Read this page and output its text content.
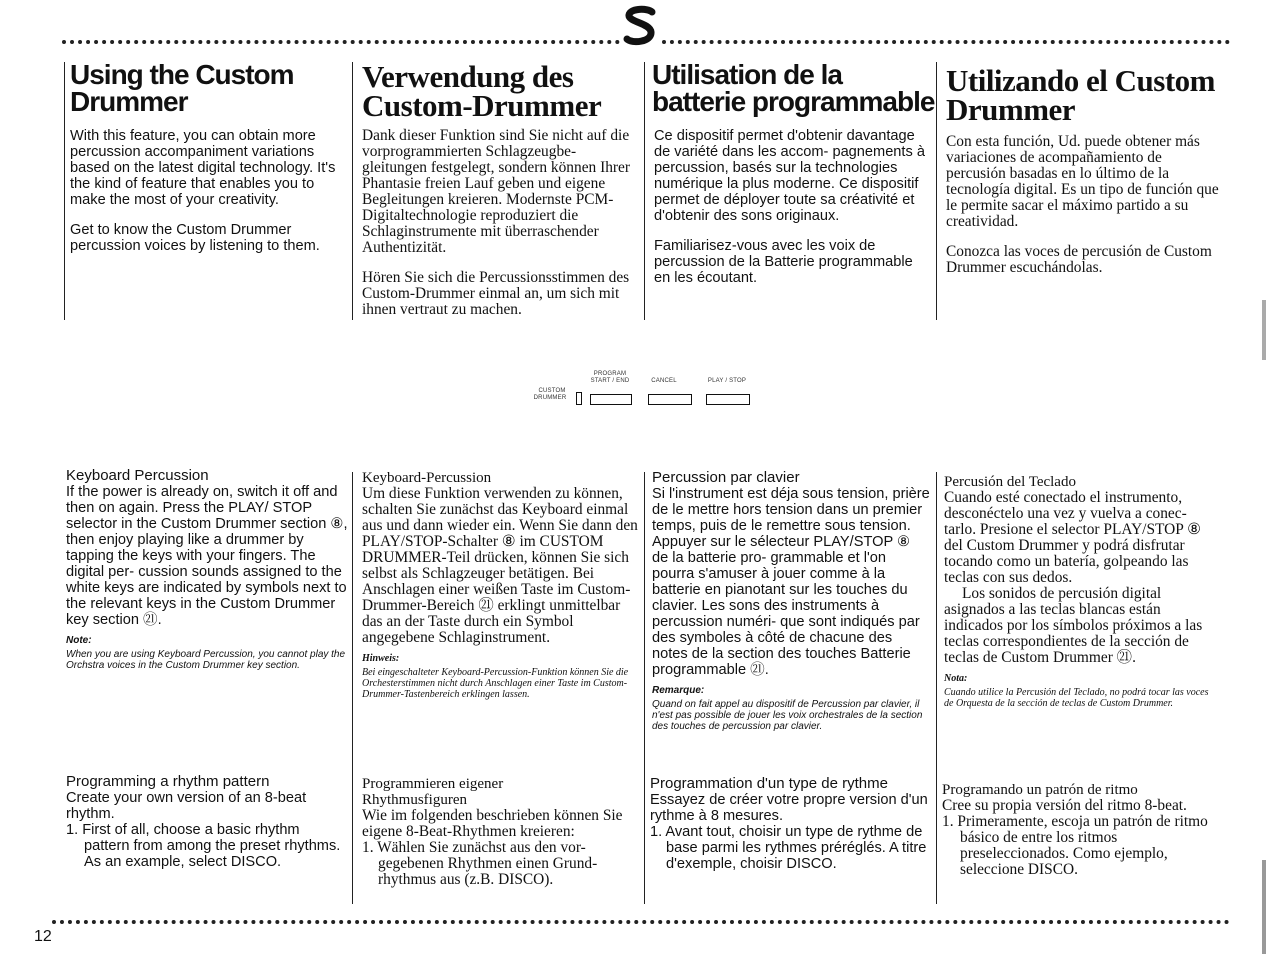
Using the Custom Drummer

With this feature, you can obtain more percussion accompaniment variations based on the latest digital technology. It's the kind of feature that enables you to make the most of your creativity.

Get to know the Custom Drummer percussion voices by listening to them.

Verwendung des Custom-Drummer

Dank dieser Funktion sind Sie nicht auf die vorprogrammierten Schlagzeugbe- gleitungen festgelegt, sondern können Ihrer Phantasie freien Lauf geben und eigene Begleitungen kreieren. Modernste PCM-Digitaltechnologie reproduziert die Schlaginstrumente mit überraschender Authentizität.

Hören Sie sich die Percussionsstimmen des Custom-Drummer einmal an, um sich mit ihnen vertraut zu machen.

Utilisation de la batterie programmable

Ce dispositif permet d'obtenir davantage de variété dans les accom- pagnements à percussion, basés sur la technologies numérique la plus moderne. Ce dispositif permet de déployer toute sa créativité et d'obtenir des sons originaux.

Familiarisez-vous avec les voix de percussion de la Batterie programmable en les écoutant.

Utilizando el Custom Drummer

Con esta función, Ud. puede obtener más variaciones de acompañamiento de percusión basadas en lo último de la tecnología digital. Es un tipo de función que le permite sacar el máximo partido a su creatividad.

Conozca las voces de percusión de Custom Drummer escuchándolas.

CUSTOM
DRUMMER
PROGRAM
START / END	CANCEL	PLAY / STOP
Keyboard Percussion
If the power is already on, switch it off and then on again. Press the PLAY/ STOP selector in the Custom Drummer section ⑧, then enjoy playing like a drummer by tapping the keys with your fingers. The digital per- cussion sounds assigned to the white keys are indicated by symbols next to the relevant keys in the Custom Drummer key section ㉑.
Note:
When you are using Keyboard Percussion, you cannot play the Orchstra voices in the Custom Drummer key section.
Programming a rhythm pattern
Create your own version of an 8-beat rhythm.
1. First of all, choose a basic rhythm pattern from among the preset rhythms. As an example, select DISCO.
Keyboard-Percussion
Um diese Funktion verwenden zu können, schalten Sie zunächst das Keyboard einmal aus und dann wieder ein. Wenn Sie dann den PLAY/STOP-Schalter ⑧ im CUSTOM DRUMMER-Teil drücken, können Sie sich selbst als Schlagzeuger betätigen. Bei Anschlagen einer weißen Taste im Custom-Drummer-Bereich ㉑ erklingt unmittelbar das an der Taste durch ein Symbol angegebene Schlaginstrument.
Hinweis:
Bei eingeschalteter Keyboard-Percussion-Funktion können Sie die Orchesterstimmen nicht durch Anschlagen einer Taste im Custom-Drummer-Tastenbereich erklingen lassen.
Programmieren eigener Rhythmusfiguren
Wie im folgenden beschrieben können Sie eigene 8-Beat-Rhythmen kreieren:
1. Wählen Sie zunächst aus den vor- gegebenen Rhythmen einen Grund- rhythmus aus (z.B. DISCO).
Percussion par clavier
Si l'instrument est déja sous tension, prière de le mettre hors tension dans un premier temps, puis de le remettre sous tension. Appuyer sur le sélecteur PLAY/STOP ⑧ de la batterie pro- grammable et l'on pourra s'amuser à jouer comme à la batterie en pianotant sur les touches du clavier. Les sons des instruments à percussion numéri- que sont indiqués par des symboles à côté de chacune des notes de la section des touches Batterie programmable ㉑.
Remarque:
Quand on fait appel au dispositif de Percussion par clavier, il n'est pas possible de jouer les voix orchestrales de la section des touches de percussion par clavier.
Programmation d'un type de rythme
Essayez de créer votre propre version d'un rythme à 8 mesures.
1. Avant tout, choisir un type de rythme de base parmi les rythmes préréglés. A titre d'exemple, choisir DISCO.
Percusión del Teclado
Cuando esté conectado el instrumento, desconéctelo una vez y vuelva a conec- tarlo. Presione el selector PLAY/STOP ⑧ del Custom Drummer y podrá disfrutar tocando como un batería, golpeando las teclas con sus dedos.
Los sonidos de percusión digital asignados a las teclas blancas están indicados por los símbolos próximos a las teclas correspondientes de la sección de teclas de Custom Drummer ㉑.
Nota:
Cuando utilice la Percusión del Teclado, no podrá tocar las voces de Orquesta de la sección de teclas de Custom Drummer.
Programando un patrón de ritmo
Cree su propia versión del ritmo 8-beat.
1. Primeramente, escoja un patrón de ritmo básico de entre los ritmos preseleccionados. Como ejemplo, seleccione DISCO.
12
